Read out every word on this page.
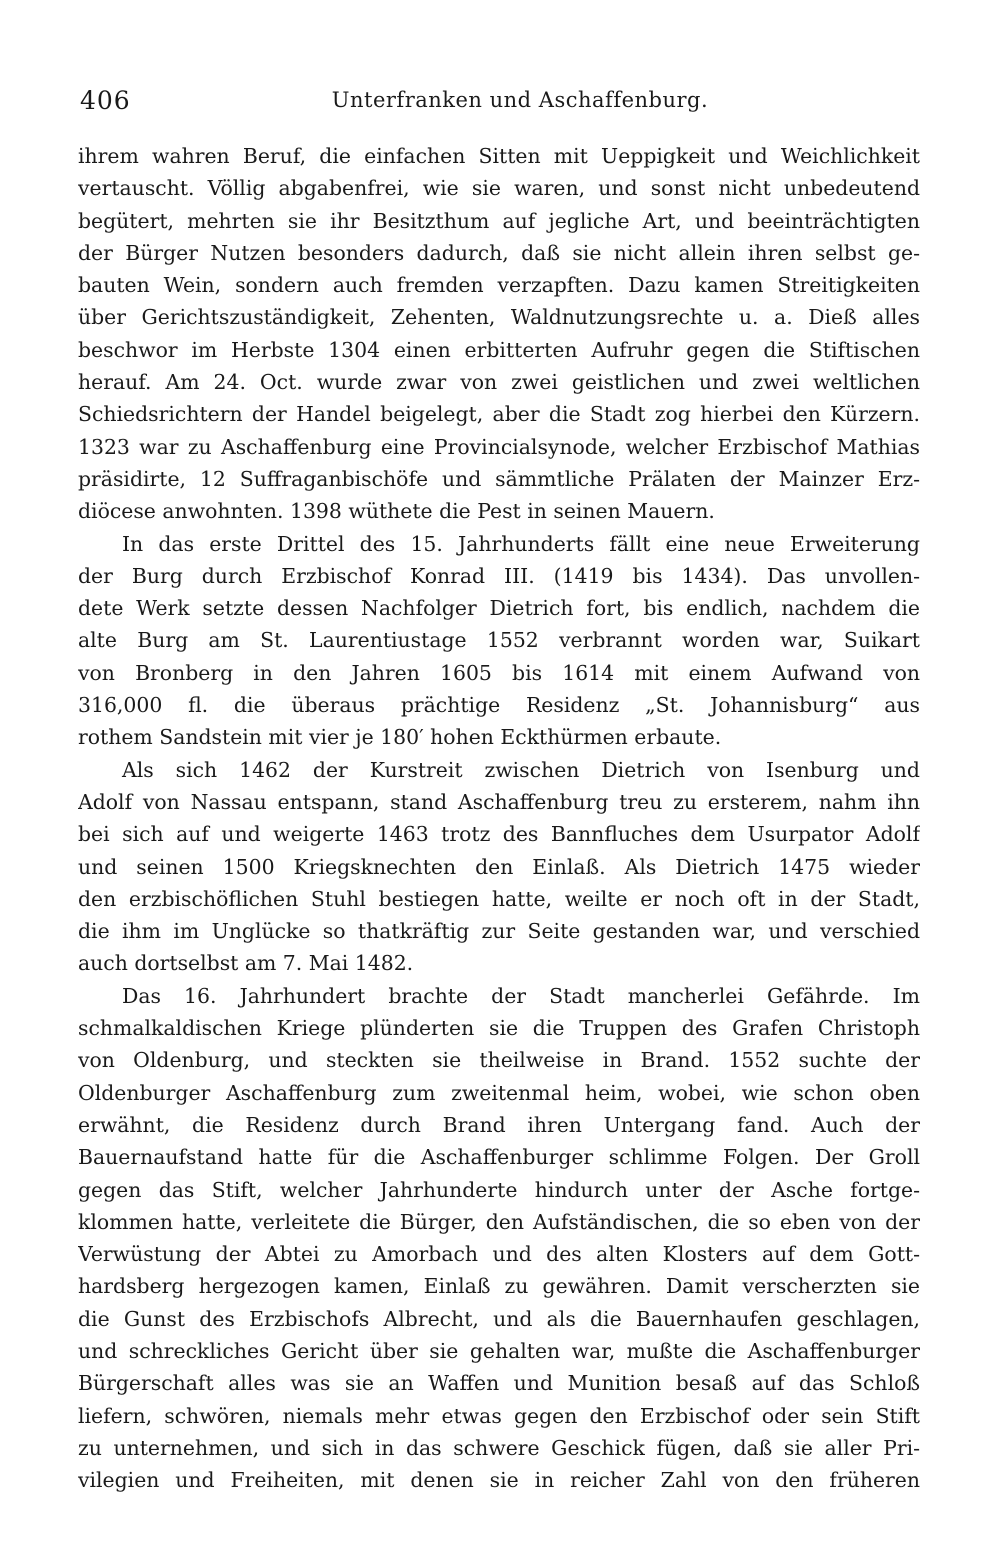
406	Unterfranken und Aschaffenburg.
ihrem wahren Beruf, die einfachen Sitten mit Ueppigkeit und Weichlichkeit
vertauscht. Völlig abgabenfrei, wie sie waren, und sonst nicht unbedeutend
begütert, mehrten sie ihr Besitzthum auf jegliche Art, und beeinträchtigten
der Bürger Nutzen besonders dadurch, daß sie nicht allein ihren selbst ge-
bauten Wein, sondern auch fremden verzapften. Dazu kamen Streitigkeiten
über Gerichtszuständigkeit, Zehenten, Waldnutzungsrechte u. a. Dieß alles
beschwor im Herbste 1304 einen erbitterten Aufruhr gegen die Stiftischen
herauf. Am 24. Oct. wurde zwar von zwei geistlichen und zwei weltlichen
Schiedsrichtern der Handel beigelegt, aber die Stadt zog hierbei den Kürzern.
1323 war zu Aschaffenburg eine Provincialsynode, welcher Erzbischof Mathias
präsidirte, 12 Suffraganbischöfe und sämmtliche Prälaten der Mainzer Erz-
diöcese anwohnten. 1398 wüthete die Pest in seinen Mauern.
In das erste Drittel des 15. Jahrhunderts fällt eine neue Erweiterung
der Burg durch Erzbischof Konrad III. (1419 bis 1434). Das unvollen-
dete Werk setzte dessen Nachfolger Dietrich fort, bis endlich, nachdem die
alte Burg am St. Laurentiustage 1552 verbrannt worden war, Suikart
von Bronberg in den Jahren 1605 bis 1614 mit einem Aufwand von
316,000 fl. die überaus prächtige Residenz „St. Johannisburg“ aus
rothem Sandstein mit vier je 180′ hohen Eckthürmen erbaute.
Als sich 1462 der Kurstreit zwischen Dietrich von Isenburg und
Adolf von Nassau entspann, stand Aschaffenburg treu zu ersterem, nahm ihn
bei sich auf und weigerte 1463 trotz des Bannfluches dem Usurpator Adolf
und seinen 1500 Kriegsknechten den Einlaß. Als Dietrich 1475 wieder
den erzbischöflichen Stuhl bestiegen hatte, weilte er noch oft in der Stadt,
die ihm im Unglücke so thatkräftig zur Seite gestanden war, und verschied
auch dortselbst am 7. Mai 1482.
Das 16. Jahrhundert brachte der Stadt mancherlei Gefährde. Im
schmalkaldischen Kriege plünderten sie die Truppen des Grafen Christoph
von Oldenburg, und steckten sie theilweise in Brand. 1552 suchte der
Oldenburger Aschaffenburg zum zweitenmal heim, wobei, wie schon oben
erwähnt, die Residenz durch Brand ihren Untergang fand. Auch der
Bauernaufstand hatte für die Aschaffenburger schlimme Folgen. Der Groll
gegen das Stift, welcher Jahrhunderte hindurch unter der Asche fortge-
klommen hatte, verleitete die Bürger, den Aufständischen, die so eben von der
Verwüstung der Abtei zu Amorbach und des alten Klosters auf dem Gott-
hardsberg hergezogen kamen, Einlaß zu gewähren. Damit verscherzten sie
die Gunst des Erzbischofs Albrecht, und als die Bauernhaufen geschlagen,
und schreckliches Gericht über sie gehalten war, mußte die Aschaffenburger
Bürgerschaft alles was sie an Waffen und Munition besaß auf das Schloß
liefern, schwören, niemals mehr etwas gegen den Erzbischof oder sein Stift
zu unternehmen, und sich in das schwere Geschick fügen, daß sie aller Pri-
vilegien und Freiheiten, mit denen sie in reicher Zahl von den früheren
